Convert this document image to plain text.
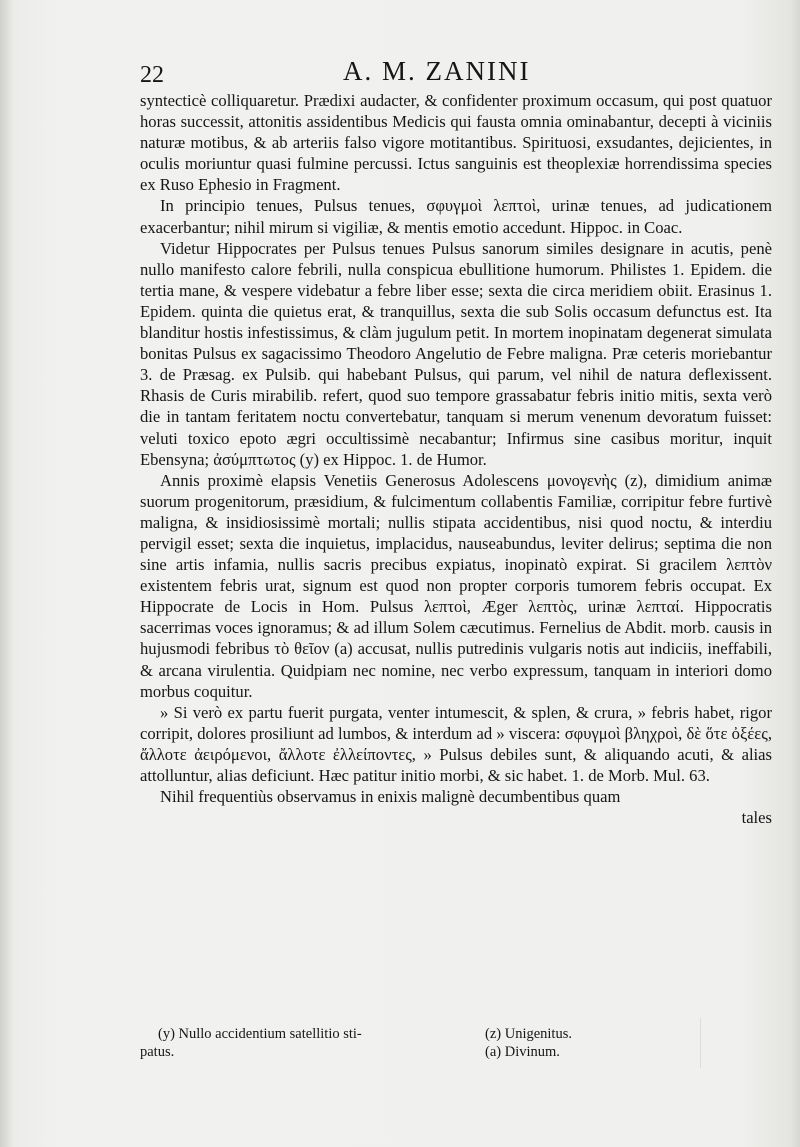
22	A. M. ZANINI

syntecticè colliquaretur. Prædixi audacter, & confidenter proximum occasum, qui post quatuor horas successit, attonitis assidentibus Medicis qui fausta omnia ominabantur, decepti à viciniis naturæ motibus, & ab arteriis falso vigore motitantibus. Spirituosi, exsudantes, dejicientes, in oculis moriuntur quasi fulmine percussi. Ictus sanguinis est theoplexiæ horrendissima species ex Ruso Ephesio in Fragment.

In principio tenues, Pulsus tenues, σφυγμοὶ λεπτοὶ, urinæ tenues, ad judicationem exacerbantur; nihil mirum si vigiliæ, & mentis emotio accedunt. Hippoc. in Coac.

Videtur Hippocrates per Pulsus tenues Pulsus sanorum similes designare in acutis, penè nullo manifesto calore febrili, nulla conspicua ebullitione humorum. Philistes 1. Epidem. die tertia mane, & vespere videbatur a febre liber esse; sexta die circa meridiem obiit. Erasinus 1. Epidem. quinta die quietus erat, & tranquillus, sexta die sub Solis occasum defunctus est. Ita blanditur hostis infestissimus, & clàm jugulum petit. In mortem inopinatam degenerat simulata bonitas Pulsus ex sagacissimo Theodoro Angelutio de Febre maligna. Præ ceteris moriebantur 3. de Præsag. ex Pulsib. qui habebant Pulsus, qui parum, vel nihil de natura deflexissent. Rhasis de Curis mirabilib. refert, quod suo tempore grassabatur febris initio mitis, sexta verò die in tantam feritatem noctu convertebatur, tanquam si merum venenum devoratum fuisset: veluti toxico epoto ægri occultissimè necabantur; Infirmus sine casibus moritur, inquit Ebensyna; ἀσύμπτωτος (y) ex Hippoc. 1. de Humor.

Annis proximè elapsis Venetiis Generosus Adolescens μονογενὴς (z), dimidium animæ suorum progenitorum, præsidium, & fulcimentum collabentis Familiæ, corripitur febre furtivè maligna, & insidiosissimè mortali; nullis stipata accidentibus, nisi quod noctu, & interdiu pervigil esset; sexta die inquietus, implacidus, nauseabundus, leviter delirus; septima die non sine artis infamia, nullis sacris precibus expiatus, inopinatò expirat. Si gracilem λεπτὸν existentem febris urat, signum est quod non propter corporis tumorem febris occupat. Ex Hippocrate de Locis in Hom. Pulsus λεπτοὶ, Æger λεπτὸς, urinæ λεπταί. Hippocratis sacerrimas voces ignoramus; & ad illum Solem cæcutimus. Fernelius de Abdit. morb. causis in hujusmodi febribus τὸ θεῖον (a) accusat, nullis putredinis vulgaris notis aut indiciis, ineffabili, & arcana virulentia. Quidpiam nec nomine, nec verbo expressum, tanquam in interiori domo morbus coquitur.

» Si verò ex partu fuerit purgata, venter intumescit, & splen, & crura, » febris habet, rigor corripit, dolores prosiliunt ad lumbos, & interdum ad » viscera: σφυγμοὶ βληχροὶ, δὲ ὅτε ὀξέες, ἄλλοτε ἀειρόμενοι, ἄλλοτε ἐλλείποντες, » Pulsus debiles sunt, & aliquando acuti, & alias attolluntur, alias deficiunt. Hæc patitur initio morbi, & sic habet. 1. de Morb. Mul. 63.

Nihil frequentiùs observamus in enixis malignè decumbentibus quam

tales

(y) Nullo accidentium satellitio sti-
patus.
(z) Unigenitus.
(a) Divinum.
